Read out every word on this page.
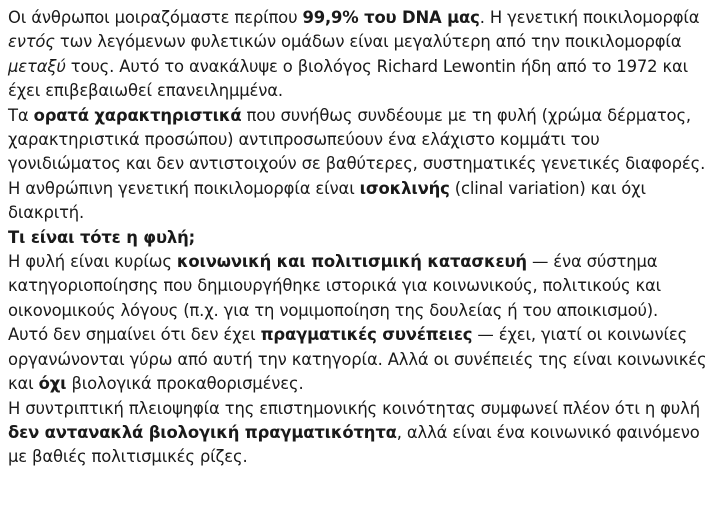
Οι άνθρωποι μοιραζόμαστε περίπου 99,9% του DNA μας. Η γενετική ποικιλομορφία εντός των λεγόμενων φυλετικών ομάδων είναι μεγαλύτερη από την ποικιλομορφία μεταξύ τους. Αυτό το ανακάλυψε ο βιολόγος Richard Lewontin ήδη από το 1972 και έχει επιβεβαιωθεί επανειλημμένα.

Τα ορατά χαρακτηριστικά που συνήθως συνδέουμε με τη φυλή (χρώμα δέρματος, χαρακτηριστικά προσώπου) αντιπροσωπεύουν ένα ελάχιστο κομμάτι του γονιδιώματος και δεν αντιστοιχούν σε βαθύτερες, συστηματικές γενετικές διαφορές.

Η ανθρώπινη γενετική ποικιλομορφία είναι ισοκλινής (clinal variation) και όχι διακριτή.

Τι είναι τότε η φυλή;

Η φυλή είναι κυρίως κοινωνική και πολιτισμική κατασκευή — ένα σύστημα κατηγοριοποίησης που δημιουργήθηκε ιστορικά για κοινωνικούς, πολιτικούς και οικονομικούς λόγους (π.χ. για τη νομιμοποίηση της δουλείας ή του αποικισμού).

Αυτό δεν σημαίνει ότι δεν έχει πραγματικές συνέπειες — έχει, γιατί οι κοινωνίες οργανώνονται γύρω από αυτή την κατηγορία. Αλλά οι συνέπειές της είναι κοινωνικές και όχι βιολογικά προκαθορισμένες.

Η συντριπτική πλειοψηφία της επιστημονικής κοινότητας συμφωνεί πλέον ότι η φυλή δεν αντανακλά βιολογική πραγματικότητα, αλλά είναι ένα κοινωνικό φαινόμενο με βαθιές πολιτισμικές ρίζες.
